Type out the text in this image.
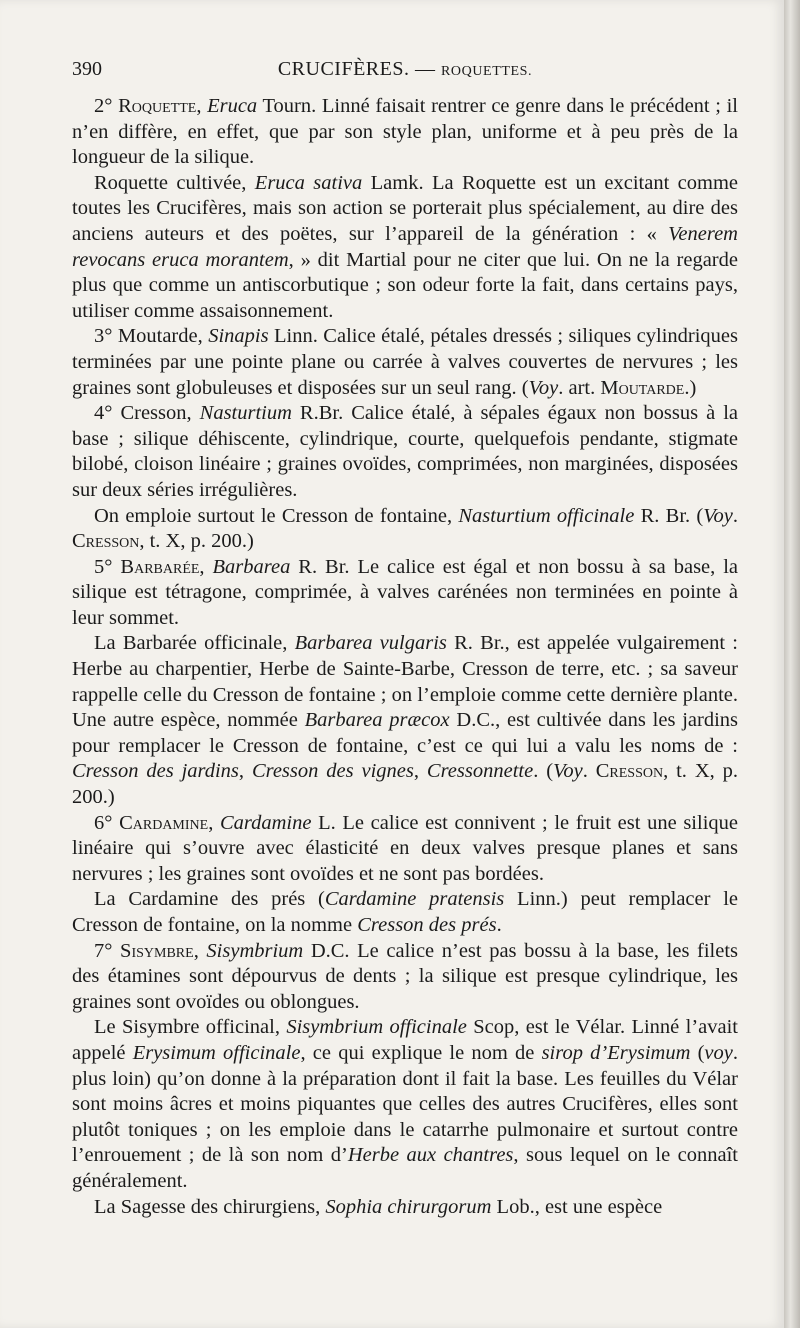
390	CRUCIFÈRES. — ROQUETTES.

2° Roquette, Eruca Tourn. Linné faisait rentrer ce genre dans le précédent ; il n’en diffère, en effet, que par son style plan, uniforme et à peu près de la longueur de la silique.

Roquette cultivée, Eruca sativa Lamk. La Roquette est un excitant comme toutes les Crucifères, mais son action se porterait plus spécialement, au dire des anciens auteurs et des poëtes, sur l’appareil de la génération : « Venerem revocans eruca morantem, » dit Martial pour ne citer que lui. On ne la regarde plus que comme un antiscorbutique ; son odeur forte la fait, dans certains pays, utiliser comme assaisonnement.

3° Moutarde, Sinapis Linn. Calice étalé, pétales dressés ; siliques cylindriques terminées par une pointe plane ou carrée à valves couvertes de nervures ; les graines sont globuleuses et disposées sur un seul rang. (Voy. art. Moutarde.)

4° Cresson, Nasturtium R.Br. Calice étalé, à sépales égaux non bossus à la base ; silique déhiscente, cylindrique, courte, quelquefois pendante, stigmate bilobé, cloison linéaire ; graines ovoïdes, comprimées, non marginées, disposées sur deux séries irrégulières.

On emploie surtout le Cresson de fontaine, Nasturtium officinale R. Br. (Voy. Cresson, t. X, p. 200.)

5° Barbarée, Barbarea R. Br. Le calice est égal et non bossu à sa base, la silique est tétragone, comprimée, à valves carénées non terminées en pointe à leur sommet.

La Barbarée officinale, Barbarea vulgaris R. Br., est appelée vulgairement : Herbe au charpentier, Herbe de Sainte-Barbe, Cresson de terre, etc. ; sa saveur rappelle celle du Cresson de fontaine ; on l’emploie comme cette dernière plante. Une autre espèce, nommée Barbarea præcox D.C., est cultivée dans les jardins pour remplacer le Cresson de fontaine, c’est ce qui lui a valu les noms de : Cresson des jardins, Cresson des vignes, Cressonnette. (Voy. Cresson, t. X, p. 200.)

6° Cardamine, Cardamine L. Le calice est connivent ; le fruit est une silique linéaire qui s’ouvre avec élasticité en deux valves presque planes et sans nervures ; les graines sont ovoïdes et ne sont pas bordées.

La Cardamine des prés (Cardamine pratensis Linn.) peut remplacer le Cresson de fontaine, on la nomme Cresson des prés.

7° Sisymbre, Sisymbrium D.C. Le calice n’est pas bossu à la base, les filets des étamines sont dépourvus de dents ; la silique est presque cylindrique, les graines sont ovoïdes ou oblongues.

Le Sisymbre officinal, Sisymbrium officinale Scop, est le Vélar. Linné l’avait appelé Erysimum officinale, ce qui explique le nom de sirop d’Erysimum (voy. plus loin) qu’on donne à la préparation dont il fait la base. Les feuilles du Vélar sont moins âcres et moins piquantes que celles des autres Crucifères, elles sont plutôt toniques ; on les emploie dans le catarrhe pulmonaire et surtout contre l’enrouement ; de là son nom d’Herbe aux chantres, sous lequel on le connaît généralement.

La Sagesse des chirurgiens, Sophia chirurgorum Lob., est une espèce
